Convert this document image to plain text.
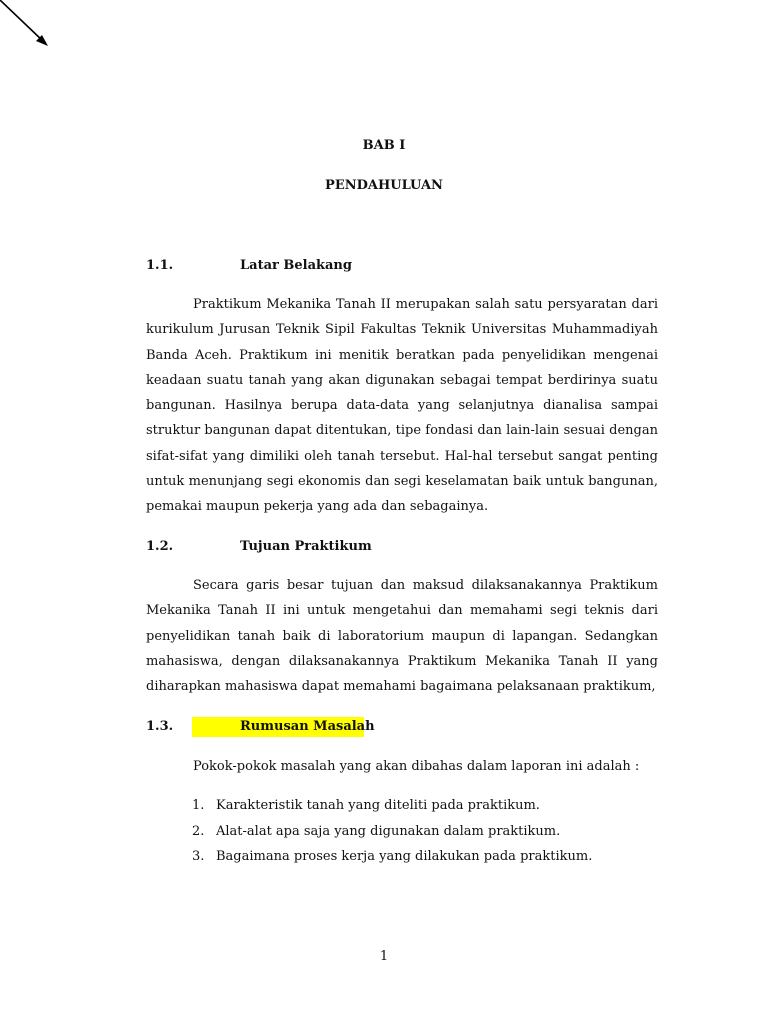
BAB I
PENDAHULUAN
1.1.	Latar Belakang

Praktikum Mekanika Tanah II merupakan salah satu persyaratan dari kurikulum Jurusan Teknik Sipil Fakultas Teknik Universitas Muhammadiyah Banda Aceh. Praktikum ini menitik beratkan pada penyelidikan mengenai keadaan suatu tanah yang akan digunakan sebagai tempat berdirinya suatu bangunan. Hasilnya berupa data-data yang selanjutnya dianalisa sampai struktur bangunan dapat ditentukan, tipe fondasi dan lain-lain sesuai dengan sifat-sifat yang dimiliki oleh tanah tersebut. Hal-hal tersebut sangat penting untuk menunjang segi ekonomis dan segi keselamatan baik untuk bangunan, pemakai maupun pekerja yang ada dan sebagainya.

1.2.	Tujuan Praktikum

Secara garis besar tujuan dan maksud dilaksanakannya Praktikum Mekanika Tanah II ini untuk mengetahui dan memahami segi teknis dari penyelidikan tanah baik di laboratorium maupun di lapangan. Sedangkan mahasiswa, dengan dilaksanakannya Praktikum Mekanika Tanah II yang diharapkan mahasiswa dapat memahami bagaimana pelaksanaan praktikum,

1.3.	Rumusan Masalah
Pokok-pokok masalah yang akan dibahas dalam laporan ini adalah :
1. Karakteristik tanah yang diteliti pada praktikum.
2. Alat-alat apa saja yang digunakan dalam praktikum.
3. Bagaimana proses kerja yang dilakukan pada praktikum.
1
